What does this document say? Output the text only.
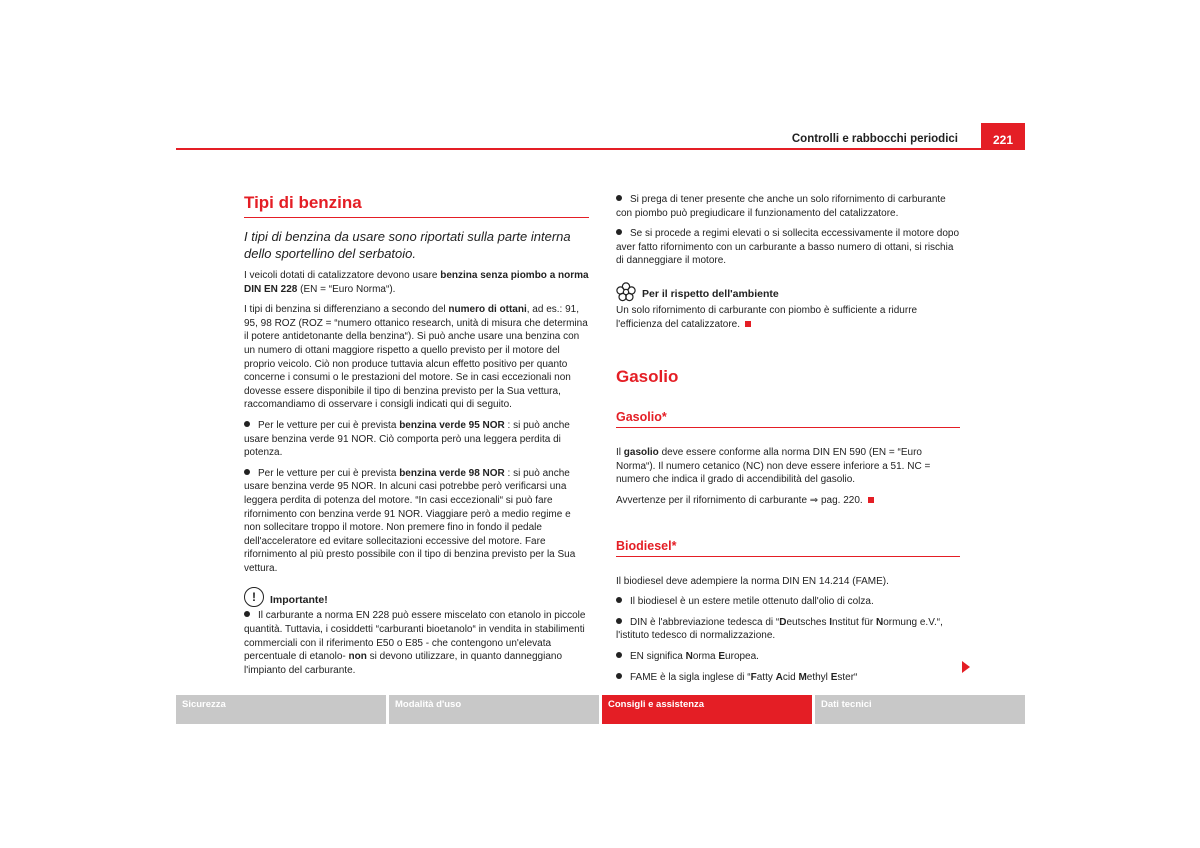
Controlli e rabbocchi periodici	221
Tipi di benzina

I tipi di benzina da usare sono riportati sulla parte interna dello sportellino del serbatoio.

I veicoli dotati di catalizzatore devono usare benzina senza piombo a norma DIN EN 228 (EN = “Euro Norma“).

I tipi di benzina si differenziano a secondo del numero di ottani, ad es.: 91, 95, 98 ROZ (ROZ = “numero ottanico research, unità di misura che determina il potere antidetonante della benzina“). Si può anche usare una benzina con un numero di ottani maggiore rispetto a quello previsto per il motore del proprio veicolo. Ciò non produce tuttavia alcun effetto positivo per quanto concerne i consumi o le prestazioni del motore. Se in casi eccezionali non dovesse essere disponibile il tipo di benzina previsto per la Sua vettura, raccomandiamo di osservare i consigli indicati qui di seguito.

Per le vetture per cui è prevista benzina verde 95 NOR : si può anche usare benzina verde 91 NOR. Ciò comporta però una leggera perdita di potenza.

Per le vetture per cui è prevista benzina verde 98 NOR : si può anche usare benzina verde 95 NOR. In alcuni casi potrebbe però verificarsi una leggera perdita di potenza del motore. “In casi eccezionali“ si può fare rifornimento con benzina verde 91 NOR. Viaggiare però a medio regime e non sollecitare troppo il motore. Non premere fino in fondo il pedale dell'acceleratore ed evitare sollecitazioni eccessive del motore. Fare rifornimento al più presto possibile con il tipo di benzina previsto per la Sua vettura.

!	Importante!

Il carburante a norma EN 228 può essere miscelato con etanolo in piccole quantità. Tuttavia, i cosiddetti “carburanti bioetanolo“ in vendita in stabilimenti commerciali con il riferimento E50 o E85 - che contengono un'elevata percentuale di etanolo- non si devono utilizzare, in quanto danneggiano l'impianto del carburante.

Si prega di tener presente che anche un solo rifornimento di carburante con piombo può pregiudicare il funzionamento del catalizzatore.

Se si procede a regimi elevati o si sollecita eccessivamente il motore dopo aver fatto rifornimento con un carburante a basso numero di ottani, si rischia di danneggiare il motore.

Per il rispetto dell'ambiente

Un solo rifornimento di carburante con piombo è sufficiente a ridurre l'efficienza del catalizzatore.

Gasolio
Gasolio*

Il gasolio deve essere conforme alla norma DIN EN 590 (EN = “Euro Norma“). Il numero cetanico (NC) non deve essere inferiore a 51. NC = numero che indica il grado di accendibilità del gasolio.

Avvertenze per il rifornimento di carburante ⇒ pag. 220.

Biodiesel*

Il biodiesel deve adempiere la norma DIN EN 14.214 (FAME).

Il biodiesel è un estere metile ottenuto dall'olio di colza.

DIN è l'abbreviazione tedesca di “Deutsches Institut für Normung e.V.“, l'istituto tedesco di normalizzazione.

EN significa Norma Europea.

FAME è la sigla inglese di “Fatty Acid Methyl Ester“

Sicurezza	Modalità d'uso	Consigli e assistenza	Dati tecnici
